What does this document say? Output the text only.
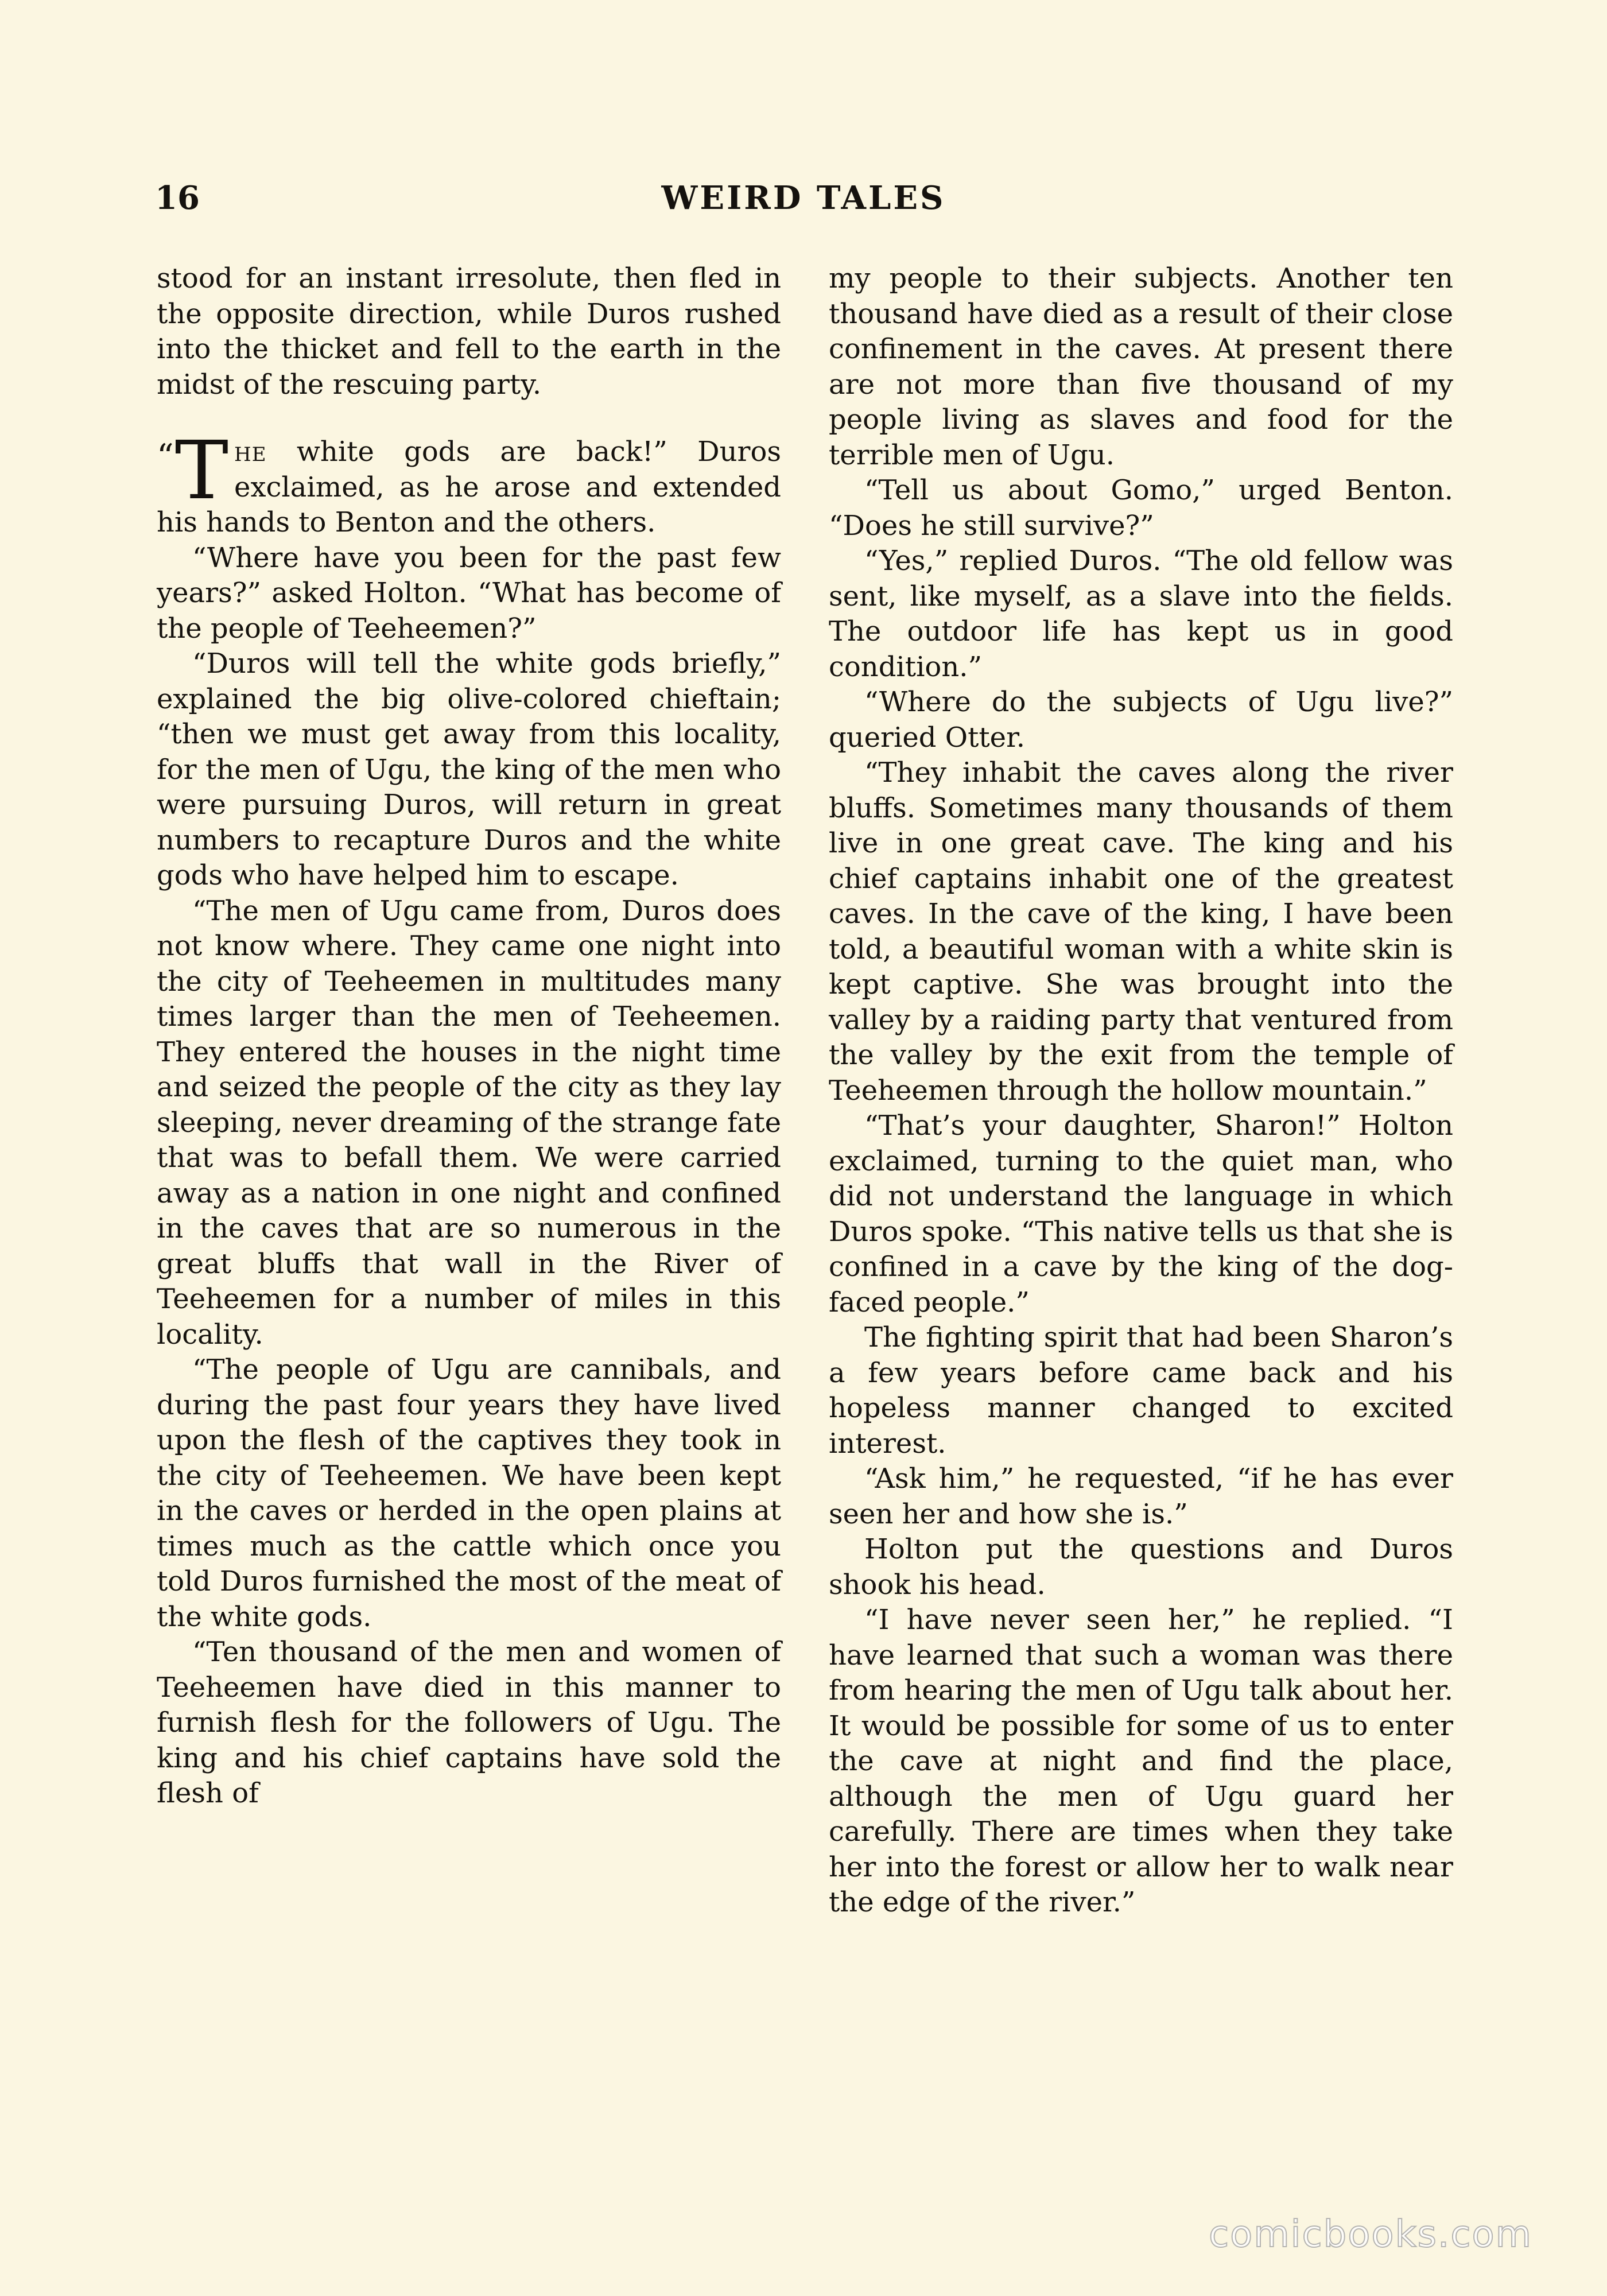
16	WEIRD TALES

stood for an instant irresolute, then fled in the opposite direction, while Duros rushed into the thicket and fell to the earth in the midst of the rescuing party.

“ T he white gods are back!” Duros exclaimed, as he arose and extended his hands to Benton and the others.

“Where have you been for the past few years?” asked Holton. “What has become of the people of Teeheemen?”

“Duros will tell the white gods briefly,” explained the big olive-colored chieftain; “then we must get away from this locality, for the men of Ugu, the king of the men who were pursuing Duros, will return in great numbers to recapture Duros and the white gods who have helped him to escape.

“The men of Ugu came from, Duros does not know where. They came one night into the city of Teeheemen in multitudes many times larger than the men of Teeheemen. They entered the houses in the night time and seized the people of the city as they lay sleeping, never dreaming of the strange fate that was to befall them. We were carried away as a nation in one night and confined in the caves that are so numerous in the great bluffs that wall in the River of Teeheemen for a number of miles in this locality.

“The people of Ugu are cannibals, and during the past four years they have lived upon the flesh of the captives they took in the city of Teeheemen. We have been kept in the caves or herded in the open plains at times much as the cattle which once you told Duros furnished the most of the meat of the white gods.

“Ten thousand of the men and women of Teeheemen have died in this manner to furnish flesh for the followers of Ugu. The king and his chief captains have sold the flesh of

my people to their subjects. Another ten thousand have died as a result of their close confinement in the caves. At present there are not more than five thousand of my people living as slaves and food for the terrible men of Ugu.

“Tell us about Gomo,” urged Benton. “Does he still survive?”

“Yes,” replied Duros. “The old fellow was sent, like myself, as a slave into the fields. The outdoor life has kept us in good condition.”

“Where do the subjects of Ugu live?” queried Otter.

“They inhabit the caves along the river bluffs. Sometimes many thousands of them live in one great cave. The king and his chief captains inhabit one of the greatest caves. In the cave of the king, I have been told, a beautiful woman with a white skin is kept captive. She was brought into the valley by a raiding party that ventured from the valley by the exit from the temple of Teeheemen through the hollow mountain.”

“That’s your daughter, Sharon!” Holton exclaimed, turning to the quiet man, who did not understand the language in which Duros spoke. “This native tells us that she is confined in a cave by the king of the dog-faced people.”

The fighting spirit that had been Sharon’s a few years before came back and his hopeless manner changed to excited interest.

“Ask him,” he requested, “if he has ever seen her and how she is.”

Holton put the questions and Duros shook his head.

“I have never seen her,” he replied. “I have learned that such a woman was there from hearing the men of Ugu talk about her. It would be possible for some of us to enter the cave at night and find the place, although the men of Ugu guard her carefully. There are times when they take her into the forest or allow her to walk near the edge of the river.”

comicbooks.com
